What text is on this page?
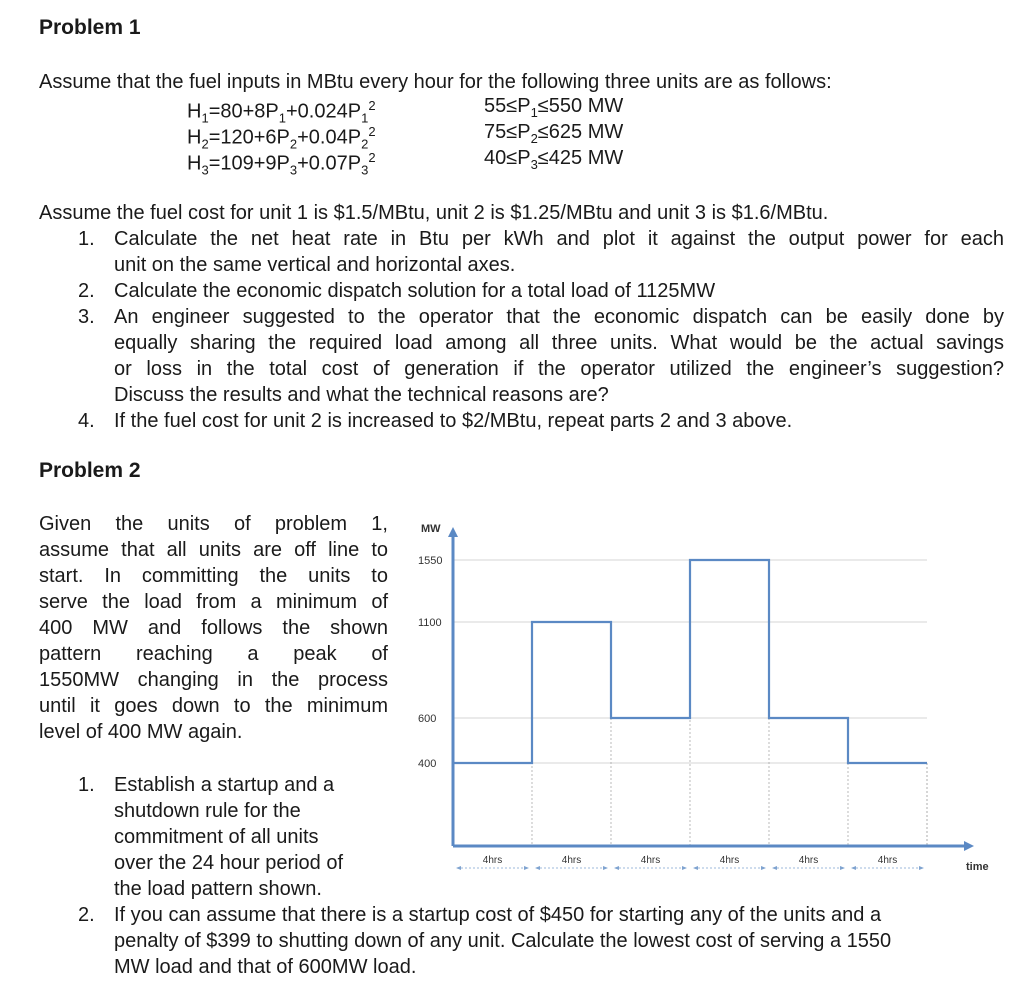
Problem 1
Assume that the fuel inputs in MBtu every hour for the following three units are as follows:
$H_1=80+8P_1+0.024P_1^2$	$55\le P_1\le 550$ MW
$H_2=120+6P_2+0.04P_2^2$	$75\le P_2\le 625$ MW
$H_3=109+9P_3+0.07P_3^2$	$40\le P_3\le 425$ MW
Assume the fuel cost for unit 1 is $1.5/MBtu, unit 2 is $1.25/MBtu and unit 3 is $1.6/MBtu.
1. Calculate the net heat rate in Btu per kWh and plot it against the output power for each
unit on the same vertical and horizontal axes.
2. Calculate the economic dispatch solution for a total load of 1125MW
3. An engineer suggested to the operator that the economic dispatch can be easily done by
equally sharing the required load among all three units. What would be the actual savings
or loss in the total cost of generation if the operator utilized the engineer’s suggestion?
Discuss the results and what the technical reasons are?
4. If the fuel cost for unit 2 is increased to $2/MBtu, repeat parts 2 and 3 above.
Problem 2
Given the units of problem 1,
assume that all units are off line to
start. In committing the units to
serve the load from a minimum of
400 MW and follows the shown
pattern reaching a peak of
1550MW changing in the process
until it goes down to the minimum
level of 400 MW again.
MW
time
400
600
1100
1550
4hrs	4hrs	4hrs	4hrs	4hrs	4hrs
1. Establish a startup and a
shutdown rule for the
commitment of all units
over the 24 hour period of
the load pattern shown.
2. If you can assume that there is a startup cost of $450 for starting any of the units and a
penalty of $399 to shutting down of any unit. Calculate the lowest cost of serving a 1550
MW load and that of 600MW load.
